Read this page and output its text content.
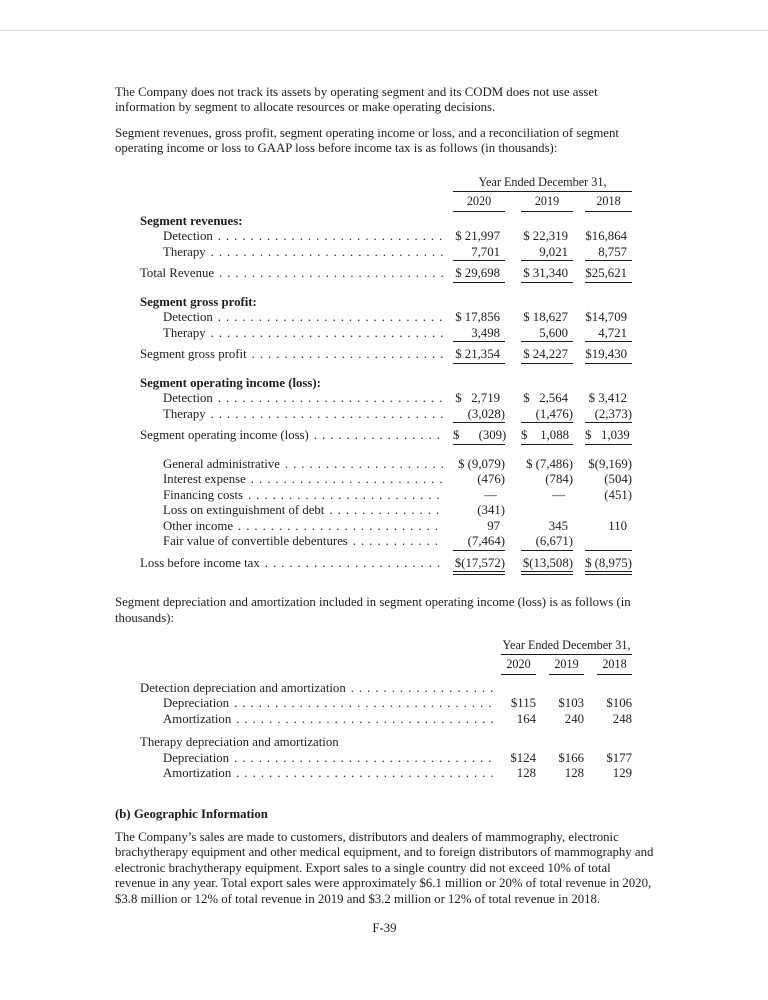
The Company does not track its assets by operating segment and its CODM does not use asset information by segment to allocate resources or make operating decisions.

Segment revenues, gross profit, segment operating income or loss, and a reconciliation of segment operating income or loss to GAAP loss before income tax is as follows (in thousands):

Year Ended December 31,
2020	2019	2018
Segment revenues:
Detection . . .	$ 21,997	$ 22,319	$16,864
Therapy . . .	7,701	9,021	8,757
Total Revenue . . .	$ 29,698	$ 31,340	$25,621
Segment gross profit:
Detection . . .	$ 17,856	$ 18,627	$14,709
Therapy . . .	3,498	5,600	4,721
Segment gross profit . . .	$ 21,354	$ 24,227	$19,430
Segment operating income (loss):
Detection . . .	$   2,719	$   2,564	$ 3,412
Therapy . . .	(3,028)	(1,476)	(2,373)
Segment operating income (loss) . . .	$      (309) $    1,088	$   1,039
General administrative . . .	$ (9,079)	$ (7,486) $(9,169)
Interest expense . . .	(476)	(784)	(504)
Financing costs . . .	—	—	(451)
Loss on extinguishment of debt . . .	(341)
Other income . . .	97	345	110
Fair value of convertible debentures . . .	(7,464)	(6,671)
Loss before income tax . . .	$(17,572) $(13,508) $ (8,975)

Segment depreciation and amortization included in segment operating income (loss) is as follows (in thousands):

Year Ended December 31,
2020	2019	2018
Detection depreciation and amortization
. . .
Depreciation . . .	$115	$103	$106
Amortization . . .	164	240	248
Therapy depreciation and amortization
Depreciation . . .	$124	$166	$177
Amortization . . .	128	128	129
(b) Geographic Information

The Company’s sales are made to customers, distributors and dealers of mammography, electronic brachytherapy equipment and other medical equipment, and to foreign distributors of mammography and electronic brachytherapy equipment. Export sales to a single country did not exceed 10% of total revenue in any year. Total export sales were approximately $6.1 million or 20% of total revenue in 2020, $3.8 million or 12% of total revenue in 2019 and $3.2 million or 12% of total revenue in 2018.

F-39
